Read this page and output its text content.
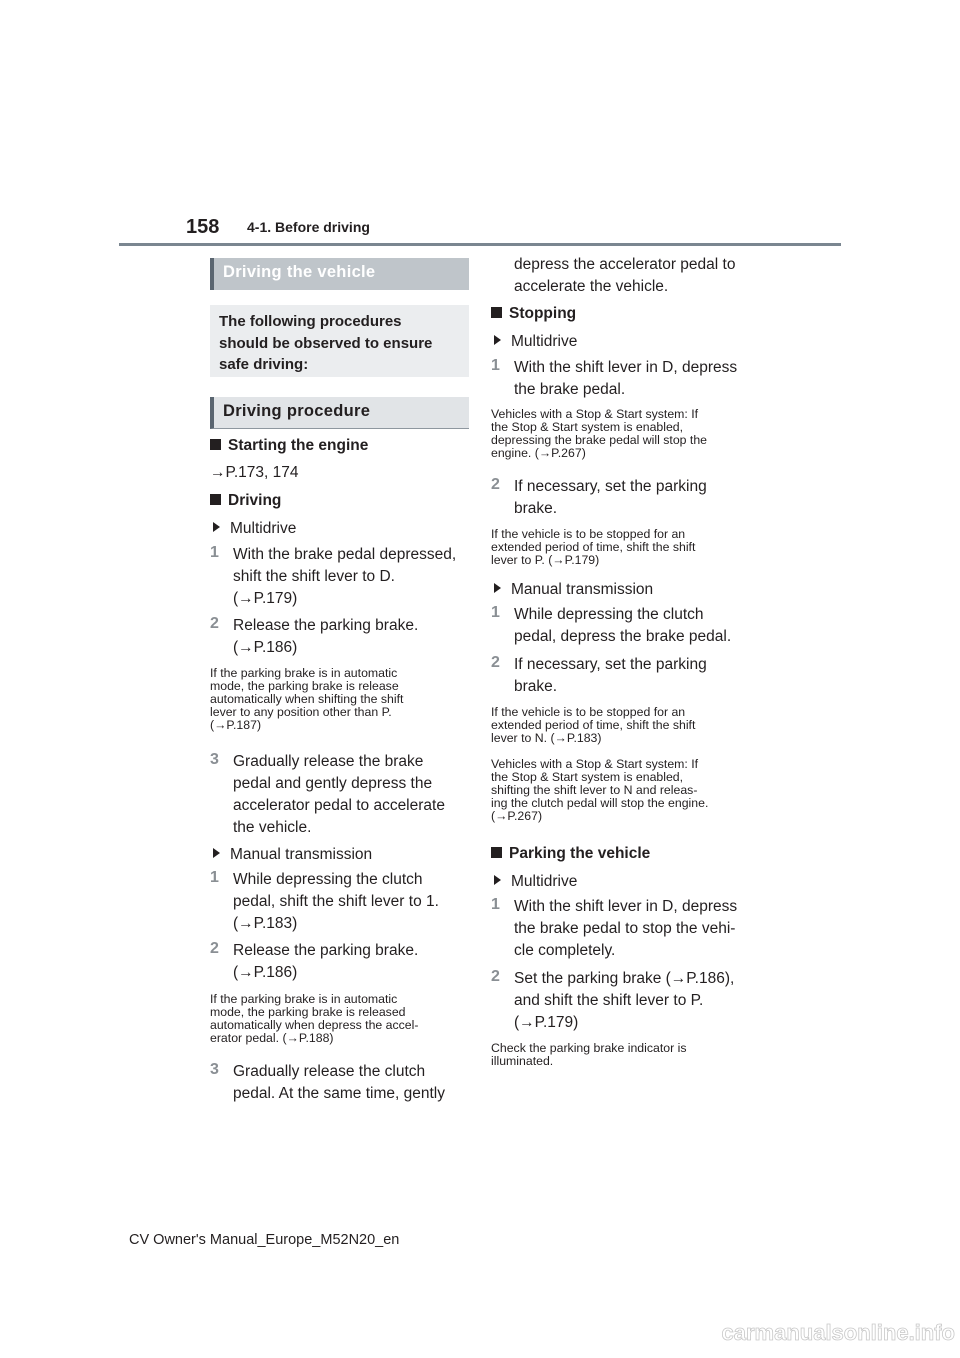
158 4-1. Before driving
Driving the vehicle
The following procedures
should be observed to ensure
safe driving:
Driving procedure
Starting the engine
→P.173, 174
Driving
Multidrive
1 With the brake pedal depressed,
shift the shift lever to D.
(→P.179)
2 Release the parking brake.
(→P.186)
If the parking brake is in automatic
mode, the parking brake is release
automatically when shifting the shift
lever to any position other than P.
(→P.187)
3 Gradually release the brake
pedal and gently depress the
accelerator pedal to accelerate
the vehicle.
Manual transmission
1 While depressing the clutch
pedal, shift the shift lever to 1.
(→P.183)
2 Release the parking brake.
(→P.186)
If the parking brake is in automatic
mode, the parking brake is released
automatically when depress the accel-
erator pedal. (→P.188)
3 Gradually release the clutch
pedal. At the same time, gently
depress the accelerator pedal to
accelerate the vehicle.
Stopping
Multidrive
1 With the shift lever in D, depress
the brake pedal.
Vehicles with a Stop & Start system: If
the Stop & Start system is enabled,
depressing the brake pedal will stop the
engine. (→P.267)
2 If necessary, set the parking
brake.
If the vehicle is to be stopped for an
extended period of time, shift the shift
lever to P. (→P.179)
Manual transmission
1 While depressing the clutch
pedal, depress the brake pedal.
2 If necessary, set the parking
brake.
If the vehicle is to be stopped for an
extended period of time, shift the shift
lever to N. (→P.183)
Vehicles with a Stop & Start system: If
the Stop & Start system is enabled,
shifting the shift lever to N and releas-
ing the clutch pedal will stop the engine.
(→P.267)
Parking the vehicle
Multidrive
1 With the shift lever in D, depress
the brake pedal to stop the vehi-
cle completely.
2 Set the parking brake (→P.186),
and shift the shift lever to P.
(→P.179)
Check the parking brake indicator is
illuminated.
CV Owner's Manual_Europe_M52N20_en
carmanualsonline.info
